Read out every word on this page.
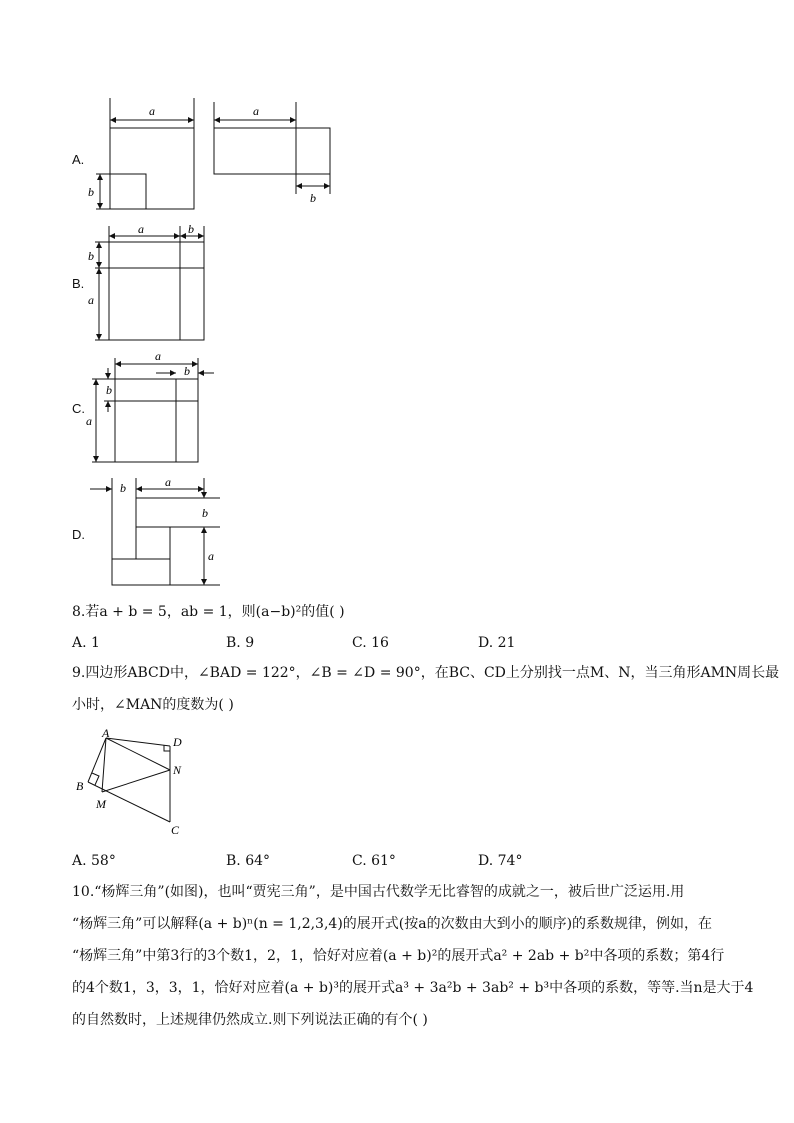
A.
a
b
a
b
B.
a	b
b
a
C.
a
b
b
a
D.
b	a
b
a
8.若a + b = 5，ab = 1，则(a−b)²的值( )
A. 1	B. 9	C. 16	D. 21
9.四边形ABCD中，∠BAD = 122°，∠B = ∠D = 90°，在BC、CD上分别找一点M、N，当三角形AMN周长最
小时，∠MAN的度数为( )
A
D
N
B
M
C
A. 58°	B. 64°	C. 61°	D. 74°
10.“杨辉三角”(如图)，也叫“贾宪三角”，是中国古代数学无比睿智的成就之一，被后世广泛运用.用
“杨辉三角”可以解释(a + b)ⁿ(n = 1,2,3,4)的展开式(按a的次数由大到小的顺序)的系数规律，例如，在
“杨辉三角”中第3行的3个数1，2，1，恰好对应着(a + b)²的展开式a² + 2ab + b²中各项的系数；第4行
的4个数1，3，3，1，恰好对应着(a + b)³的展开式a³ + 3a²b + 3ab² + b³中各项的系数，等等.当n是大于4
的自然数时，上述规律仍然成立.则下列说法正确的有个( )
